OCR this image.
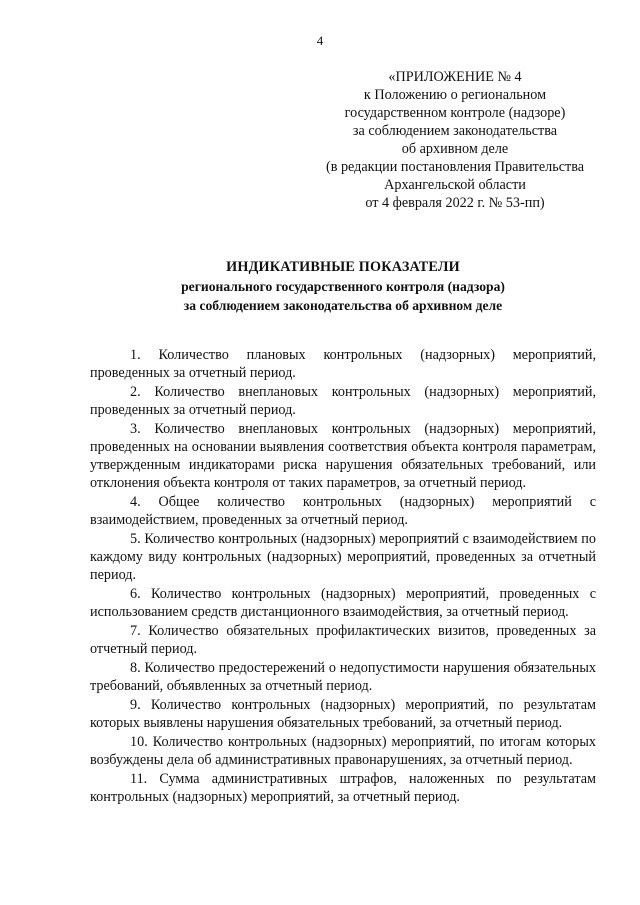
4
«ПРИЛОЖЕНИЕ № 4
к Положению о региональном
государственном контроле (надзоре)
за соблюдением законодательства
об архивном деле
(в редакции постановления Правительства
Архангельской области
от 4 февраля 2022 г. № 53-пп)
ИНДИКАТИВНЫЕ ПОКАЗАТЕЛИ
регионального государственного контроля (надзора)
за соблюдением законодательства об архивном деле

1. Количество плановых контрольных (надзорных) мероприятий, проведенных за отчетный период.

2. Количество внеплановых контрольных (надзорных) мероприятий, проведенных за отчетный период.

3. Количество внеплановых контрольных (надзорных) мероприятий, проведенных на основании выявления соответствия объекта контроля параметрам, утвержденным индикаторами риска нарушения обязательных требований, или отклонения объекта контроля от таких параметров, за отчетный период.

4. Общее количество контрольных (надзорных) мероприятий с взаимодействием, проведенных за отчетный период.

5. Количество контрольных (надзорных) мероприятий с взаимодействием по каждому виду контрольных (надзорных) мероприятий, проведенных за отчетный период.

6. Количество контрольных (надзорных) мероприятий, проведенных с использованием средств дистанционного взаимодействия, за отчетный период.

7. Количество обязательных профилактических визитов, проведенных за отчетный период.

8. Количество предостережений о недопустимости нарушения обязательных требований, объявленных за отчетный период.

9. Количество контрольных (надзорных) мероприятий, по результатам которых выявлены нарушения обязательных требований, за отчетный период.

10. Количество контрольных (надзорных) мероприятий, по итогам которых возбуждены дела об административных правонарушениях, за отчетный период.

11. Сумма административных штрафов, наложенных по результатам контрольных (надзорных) мероприятий, за отчетный период.
